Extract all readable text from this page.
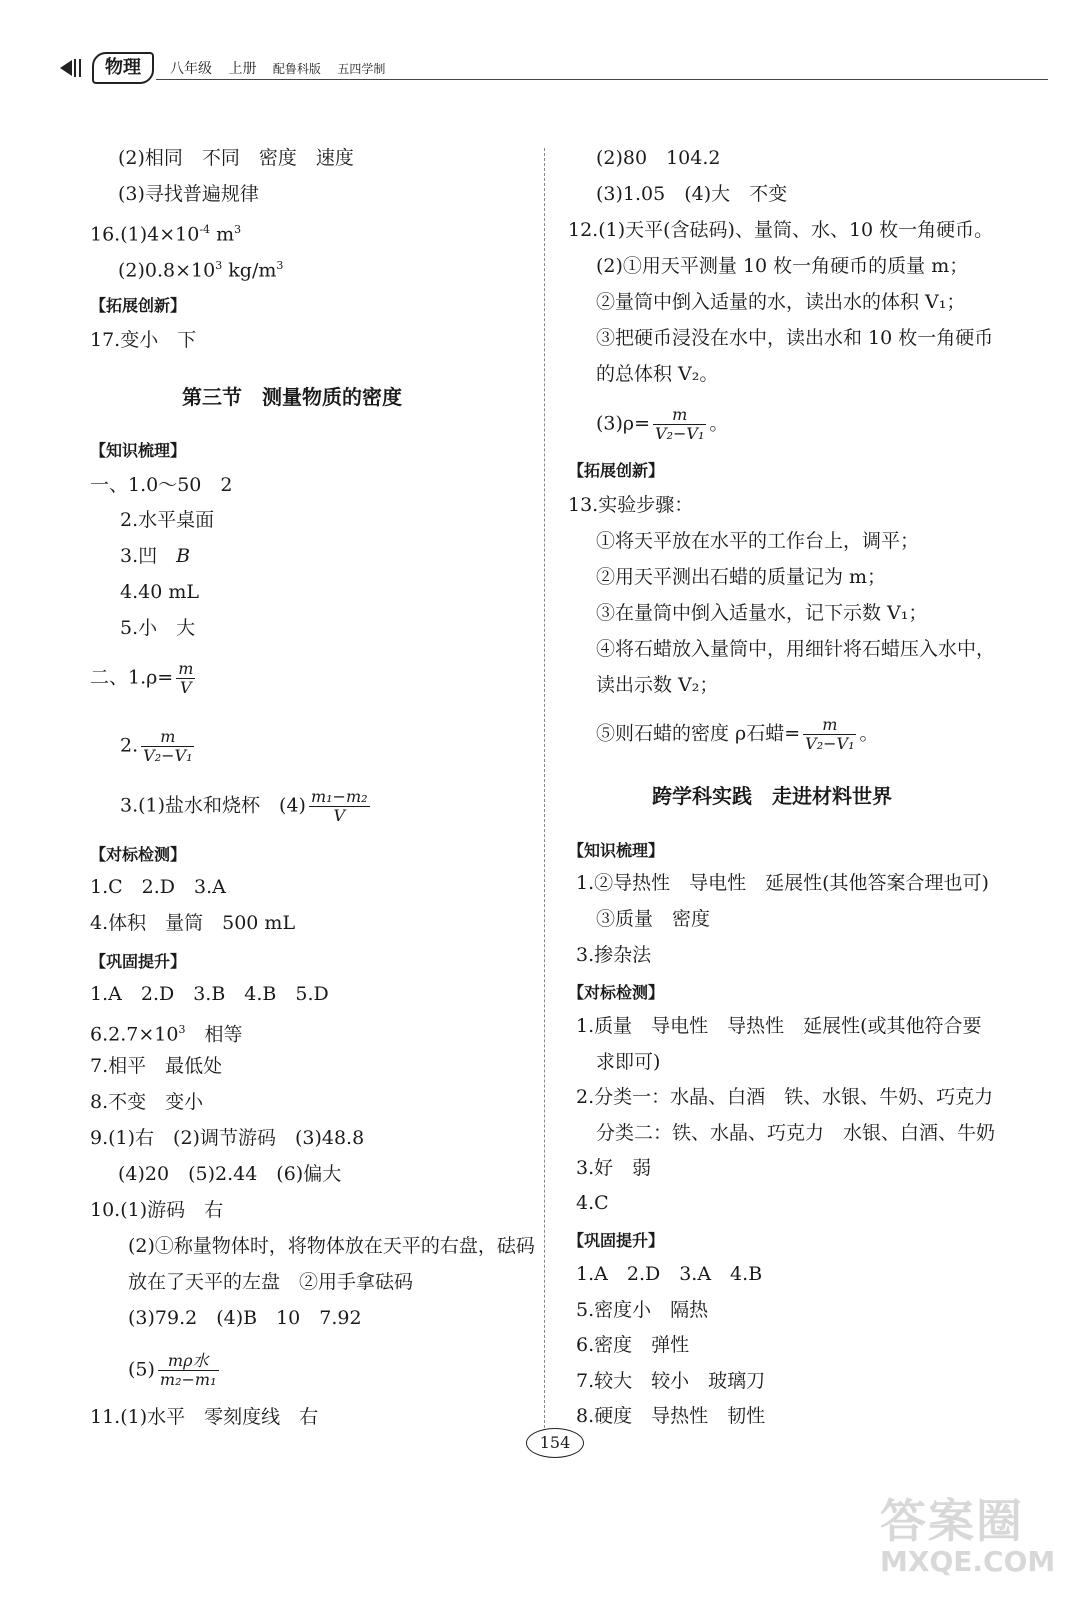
物理	八年级 上册 配鲁科版 五四学制
(2)相同　不同　密度　速度
(3)寻找普遍规律
$16.(1)4\times 10^{-4}$ $m^3$
$(2)0.8\times 10^3$ $kg/m^3$
【拓展创新】
17.变小　下
第三节　测量物质的密度
【知识梳理】
一、1.0～50　2
2.水平桌面
3.凹　B
4.40 mL
5.小　大
二、$1.\rho= \frac{m}{V}$
2. $\frac{m}{\text{V₂−V₁}}$
3.(1)盐水和烧杯　$(4) \frac{\text{m₁−m₂}}{V}$
【对标检测】
1.C　2.D　3.A
4.体积　量筒　500 mL
【巩固提升】
1.A　2.D　3.B　4.B　5.D
$6.2.7\times 10^3$　相等
7.相平　最低处
8.不变　变小
9.(1)右　(2)调节游码　(3)48.8
(4)20　(5)2.44　(6)偏大
10.(1)游码　右
(2)①称量物体时，将物体放在天平的右盘，砝码
放在了天平的左盘　②用手拿砝码
(3)79.2　(4)B　10　7.92
$(5) \frac{\text{mρ水}}{\text{m₂−m₁}}$
11.(1)水平　零刻度线　右
(2)80　104.2
(3)1.05　(4)大　不变
12.(1)天平(含砝码)、量筒、水、10 枚一角硬币。
(2)①用天平测量 10 枚一角硬币的质量 m；
②量筒中倒入适量的水，读出水的体积 V₁；
③把硬币浸没在水中，读出水和 10 枚一角硬币
的总体积 V₂。
$(3)\rho= \frac{m}{\text{V₂−V₁}}$ 。
【拓展创新】
13.实验步骤：
①将天平放在水平的工作台上，调平；
②用天平测出石蜡的质量记为 m；
③在量筒中倒入适量水，记下示数 V₁；
④将石蜡放入量筒中，用细针将石蜡压入水中，
读出示数 V₂；
⑤则石蜡的密度 ρ石蜡= $\frac{m}{\text{V₂−V₁}}$ 。
跨学科实践　走进材料世界
【知识梳理】
1.②导热性　导电性　延展性(其他答案合理也可)
③质量　密度
3.掺杂法
【对标检测】
1.质量　导电性　导热性　延展性(或其他符合要
求即可)
2.分类一：水晶、白酒　铁、水银、牛奶、巧克力
分类二：铁、水晶、巧克力　水银、白酒、牛奶
3.好　弱
4.C
【巩固提升】
1.A　2.D　3.A　4.B
5.密度小　隔热
6.密度　弹性
7.较大　较小　玻璃刀
8.硬度　导热性　韧性
154
答案圈
MXQE.COM
